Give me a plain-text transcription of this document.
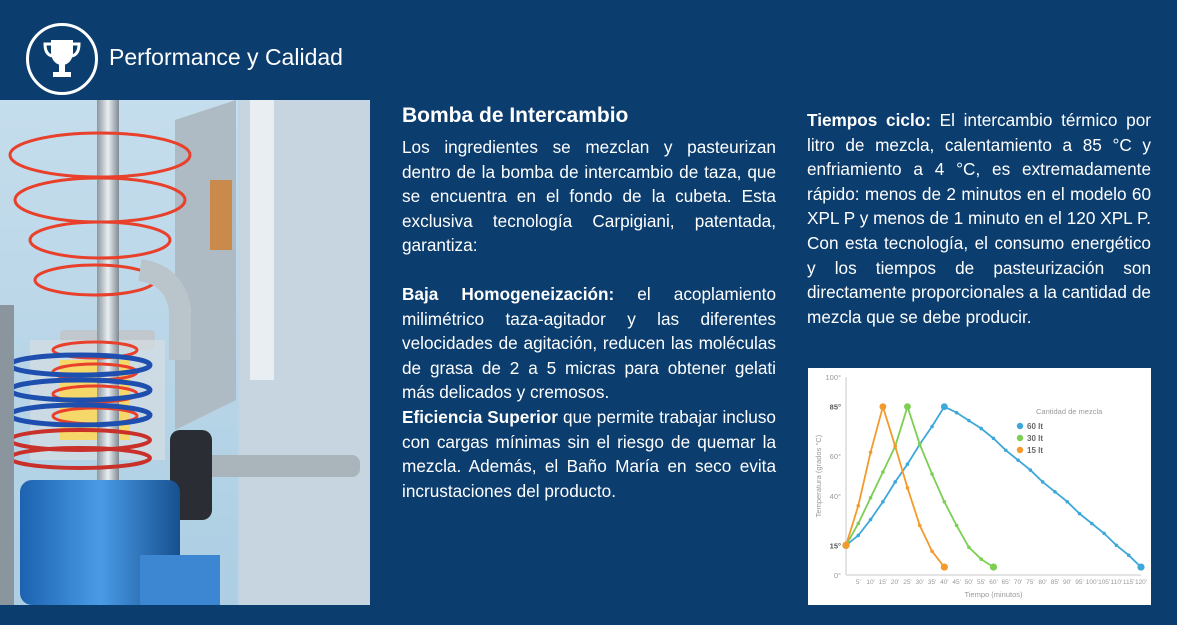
Performance y Calidad
Bomba de Intercambio

Los ingredientes se mezclan y pasteurizan dentro de la bomba de intercambio de taza, que se encuentra en el fondo de la cubeta. Esta exclusiva tecnología Carpigiani, patentada, garantiza:

Baja Homogeneización: el acoplamiento milimétrico taza-agitador y las diferentes velocidades de agitación, reducen las moléculas de grasa de 2 a 5 micras para obtener gelati más delicados y cremosos.

Eficiencia Superior que permite trabajar incluso con cargas mínimas sin el riesgo de quemar la mezcla. Además, el Baño María en seco evita incrustaciones del producto.

Tiempos ciclo: El intercambio térmico por litro de mezcla, calentamiento a 85 °C y enfriamiento a 4 °C, es extremadamente rápido: menos de 2 minutos en el modelo 60 XPL P y menos de 1 minuto en el 120 XPL P. Con esta tecnología, el consumo energético y los tiempos de pasteurización son directamente proporcionales a la cantidad de mezcla que se debe producir.

0°
15°
40°
60°
85°
100°
5' 10' 15' 20' 25' 30' 35' 40' 45' 50' 55' 60' 65' 70' 75' 80' 85' 90' 95' 100' 105' 110' 115' 120'
Tiempo (minutos)
Temperatura (grados °C)
Cantidad de mezcla
60 lt
30 lt
15 lt
